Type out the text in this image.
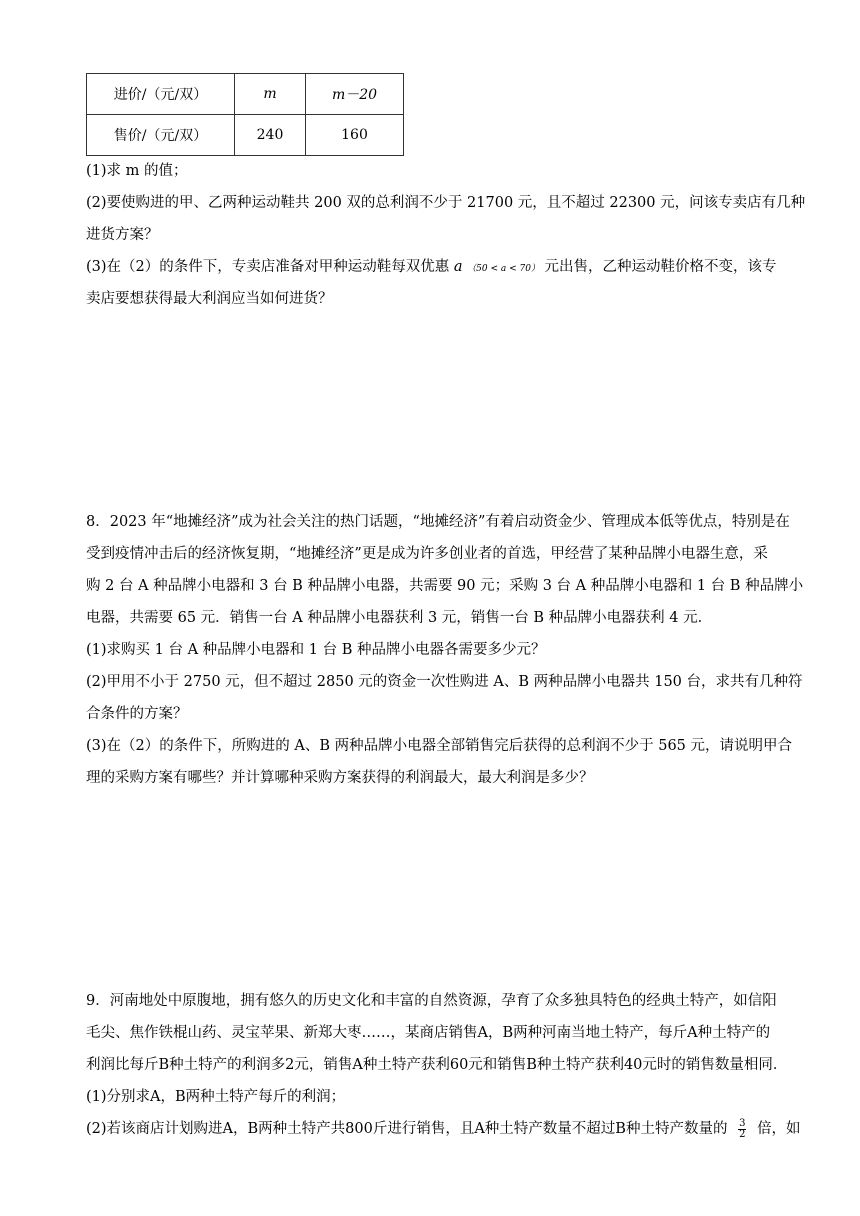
进价/（元/双）	m	m－20
售价/（元/双）	240	160
(1)求 m 的值；
(2)要使购进的甲、乙两种运动鞋共 200 双的总利润不少于 21700 元，且不超过 22300 元，问该专卖店有几种
进货方案？
(3)在（2）的条件下，专卖店准备对甲种运动鞋每双优惠 a （50 < a < 70） 元出售，乙种运动鞋价格不变，该专
卖店要想获得最大利润应当如何进货？
8．2023 年“地摊经济”成为社会关注的热门话题，“地摊经济”有着启动资金少、管理成本低等优点，特别是在
受到疫情冲击后的经济恢复期，“地摊经济”更是成为许多创业者的首选，甲经营了某种品牌小电器生意，采
购 2 台 A 种品牌小电器和 3 台 B 种品牌小电器，共需要 90 元；采购 3 台 A 种品牌小电器和 1 台 B 种品牌小
电器，共需要 65 元．销售一台 A 种品牌小电器获利 3 元，销售一台 B 种品牌小电器获利 4 元．
(1)求购买 1 台 A 种品牌小电器和 1 台 B 种品牌小电器各需要多少元？
(2)甲用不小于 2750 元，但不超过 2850 元的资金一次性购进 A、B 两种品牌小电器共 150 台，求共有几种符
合条件的方案？
(3)在（2）的条件下，所购进的 A、B 两种品牌小电器全部销售完后获得的总利润不少于 565 元，请说明甲合
理的采购方案有哪些？并计算哪种采购方案获得的利润最大，最大利润是多少？
9．河南地处中原腹地，拥有悠久的历史文化和丰富的自然资源，孕育了众多独具特色的经典土特产，如信阳
毛尖、焦作铁棍山药、灵宝苹果、新郑大枣……，某商店销售A，B两种河南当地土特产，每斤A种土特产的
利润比每斤B种土特产的利润多2元，销售A种土特产获利60元和销售B种土特产获利40元时的销售数量相同．
(1)分别求A，B两种土特产每斤的利润；
(2)若该商店计划购进A，B两种土特产共800斤进行销售，且A种土特产数量不超过B种土特产数量的 $\frac{3}{2}$ 倍，如
